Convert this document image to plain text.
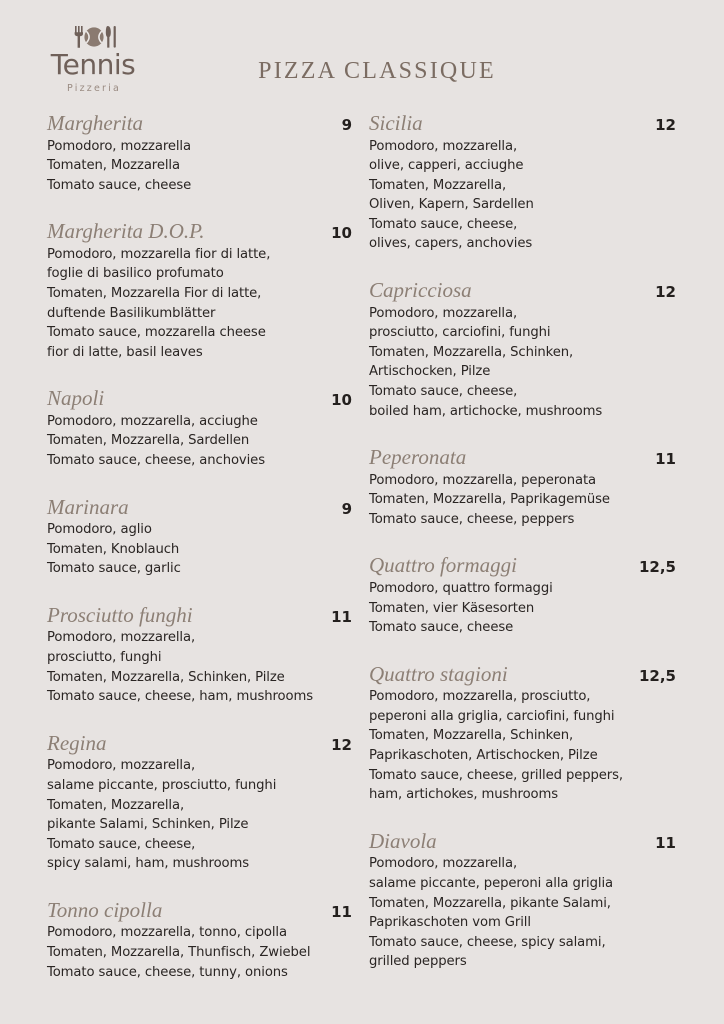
Tennis
Pizzeria
PIZZA CLASSIQUE
Margherita	9
Pomodoro, mozzarella
Tomaten, Mozzarella
Tomato sauce, cheese
Margherita D.O.P.	10
Pomodoro, mozzarella fior di latte,
foglie di basilico profumato
Tomaten, Mozzarella Fior di latte,
duftende Basilikumblätter
Tomato sauce, mozzarella cheese
fior di latte, basil leaves
Napoli	10
Pomodoro, mozzarella, acciughe
Tomaten, Mozzarella, Sardellen
Tomato sauce, cheese, anchovies
Marinara	9
Pomodoro, aglio
Tomaten, Knoblauch
Tomato sauce, garlic
Prosciutto funghi	11
Pomodoro, mozzarella,
prosciutto, funghi
Tomaten, Mozzarella, Schinken, Pilze
Tomato sauce, cheese, ham, mushrooms
Regina	12
Pomodoro, mozzarella,
salame piccante, prosciutto, funghi
Tomaten, Mozzarella,
pikante Salami, Schinken, Pilze
Tomato sauce, cheese,
spicy salami, ham, mushrooms
Tonno cipolla	11
Pomodoro, mozzarella, tonno, cipolla
Tomaten, Mozzarella, Thunfisch, Zwiebel
Tomato sauce, cheese, tunny, onions
Sicilia	12
Pomodoro, mozzarella,
olive, capperi, acciughe
Tomaten, Mozzarella,
Oliven, Kapern, Sardellen
Tomato sauce, cheese,
olives, capers, anchovies
Capricciosa	12
Pomodoro, mozzarella,
prosciutto, carciofini, funghi
Tomaten, Mozzarella, Schinken,
Artischocken, Pilze
Tomato sauce, cheese,
boiled ham, artichocke, mushrooms
Peperonata	11
Pomodoro, mozzarella, peperonata
Tomaten, Mozzarella, Paprikagemüse
Tomato sauce, cheese, peppers
Quattro formaggi	12,5
Pomodoro, quattro formaggi
Tomaten, vier Käsesorten
Tomato sauce, cheese
Quattro stagioni	12,5
Pomodoro, mozzarella, prosciutto,
peperoni alla griglia, carciofini, funghi
Tomaten, Mozzarella, Schinken,
Paprikaschoten, Artischocken, Pilze
Tomato sauce, cheese, grilled peppers,
ham, artichokes, mushrooms
Diavola	11
Pomodoro, mozzarella,
salame piccante, peperoni alla griglia
Tomaten, Mozzarella, pikante Salami,
Paprikaschoten vom Grill
Tomato sauce, cheese, spicy salami,
grilled peppers
